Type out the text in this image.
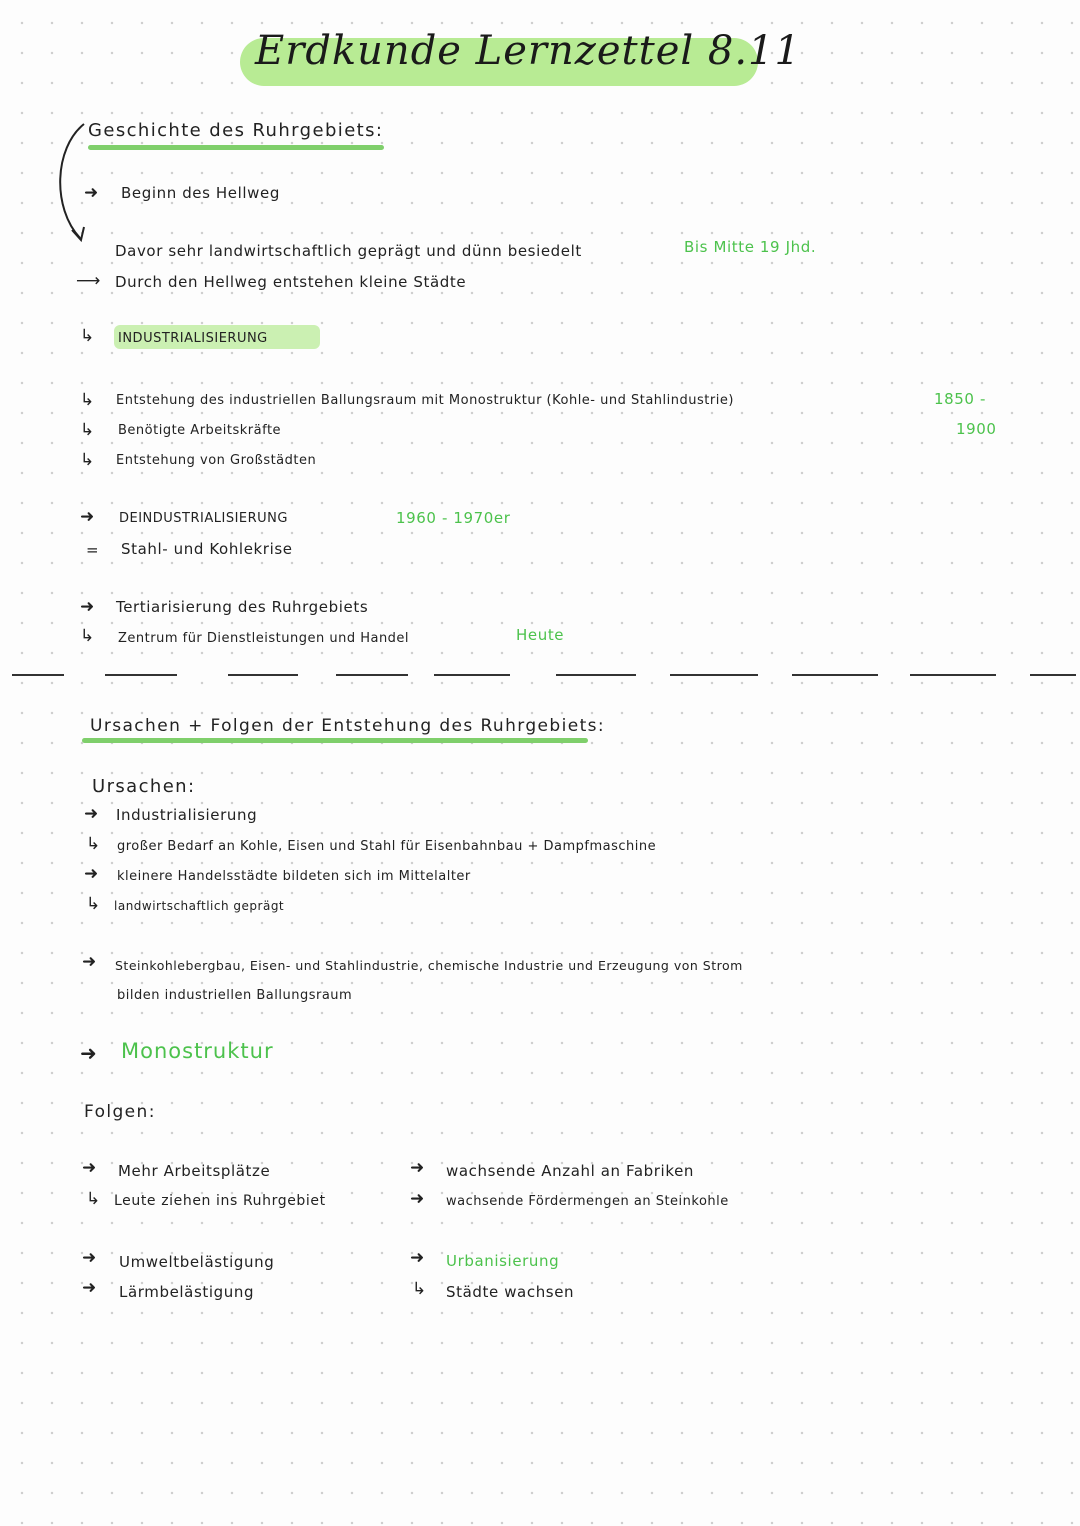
Erdkunde Lernzettel 8.11
Geschichte des Ruhrgebiets:
➜ Beginn des Hellweg
Davor sehr landwirtschaftlich geprägt und dünn besiedelt	Bis Mitte 19 Jhd.
⟶ Durch den Hellweg entstehen kleine Städte
↳ INDUSTRIALISIERUNG
↳ Entstehung des industriellen Ballungsraum mit Monostruktur (Kohle- und Stahlindustrie)	1850 -
1900
↳ Benötigte Arbeitskräfte
↳ Entstehung von Großstädten
➜ DEINDUSTRIALISIERUNG	1960 - 1970er
= Stahl- und Kohlekrise
➜ Tertiarisierung des Ruhrgebiets
↳ Zentrum für Dienstleistungen und Handel	Heute
Ursachen + Folgen der Entstehung des Ruhrgebiets:
Ursachen:
➜ Industrialisierung
↳ großer Bedarf an Kohle, Eisen und Stahl für Eisenbahnbau + Dampfmaschine
➜ kleinere Handelsstädte bildeten sich im Mittelalter
↳ landwirtschaftlich geprägt
➜ Steinkohlebergbau, Eisen- und Stahlindustrie, chemische Industrie und Erzeugung von Strom
bilden industriellen Ballungsraum
➜ Monostruktur
Folgen:
➜ Mehr Arbeitsplätze
↳ Leute ziehen ins Ruhrgebiet
➜ Umweltbelästigung
➜ Lärmbelästigung
➜ wachsende Anzahl an Fabriken
➜ wachsende Fördermengen an Steinkohle
➜ Urbanisierung
↳ Städte wachsen
